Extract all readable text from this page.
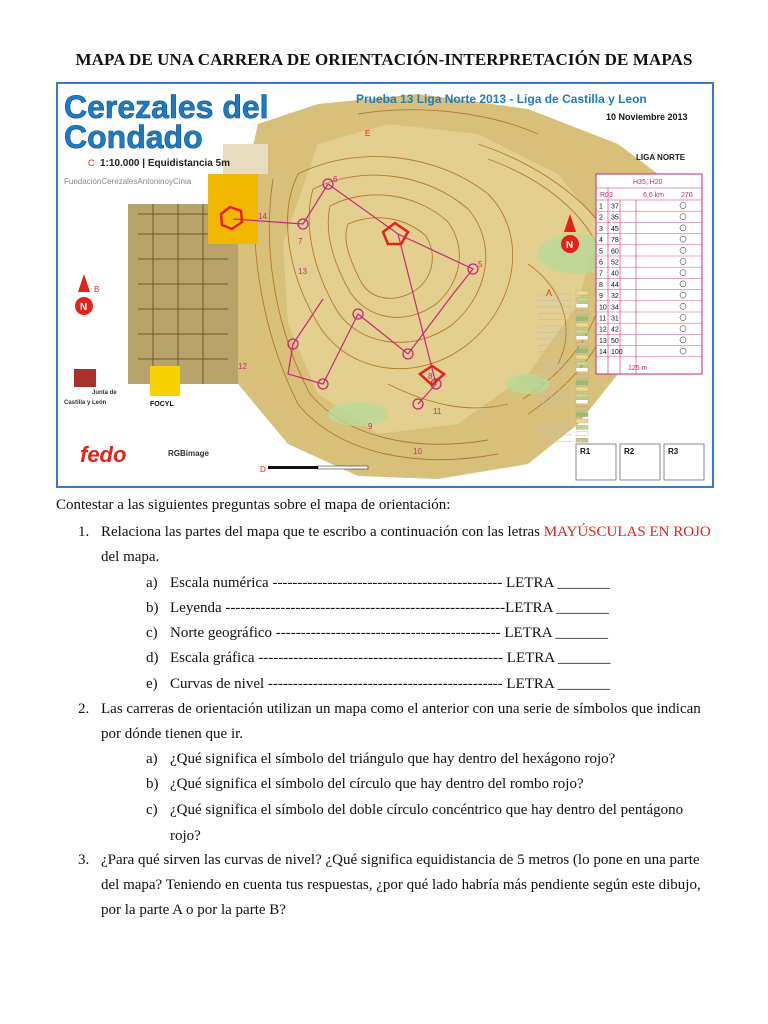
MAPA DE UNA CARRERA DE ORIENTACIÓN-INTERPRETACIÓN DE MAPAS
6
5
13
12
7
8
9
10
11
14
Cerezales del
Condado
C 1:10.000 | Equidistancia 5m
FundaciónCerezalesAntoninoyCinia
Prueba 13 Liga Norte 2013 - Liga de Castilla y Leon
10 Noviembre 2013
LIGA NORTE
E
A
B
D
N
N
1 37
2 35
3 45
4 78
5 60
6 52
7 40
8 44
9 32
10 34
11 31
12 42
13 50
14 100
H35, H20
R03	6,6 km 270
125 m
R1	R2	R3
Junta de
Castilla y León	FOCYL
fedo	RGBimage
Contestar a las siguientes preguntas sobre el mapa de orientación:
1. Relaciona las partes del mapa que te escribo a continuación con las letras MAYÚSCULAS EN ROJO del mapa.
a) Escala numérica ---------------------------------------------- LETRA _______
b) Leyenda --------------------------------------------------------LETRA _______
c) Norte geográfico --------------------------------------------- LETRA _______
d) Escala gráfica ------------------------------------------------- LETRA _______
e) Curvas de nivel ----------------------------------------------- LETRA _______
2. Las carreras de orientación utilizan un mapa como el anterior con una serie de símbolos que indican por dónde tienen que ir.
a) ¿Qué significa el símbolo del triángulo que hay dentro del hexágono rojo?
b) ¿Qué significa el símbolo del círculo que hay dentro del rombo rojo?
c) ¿Qué significa el símbolo del doble círculo concéntrico que hay dentro del pentágono rojo?
3. ¿Para qué sirven las curvas de nivel? ¿Qué significa equidistancia de 5 metros (lo pone en una parte del mapa? Teniendo en cuenta tus respuestas, ¿por qué lado habría más pendiente según este dibujo, por la parte A o por la parte B?
